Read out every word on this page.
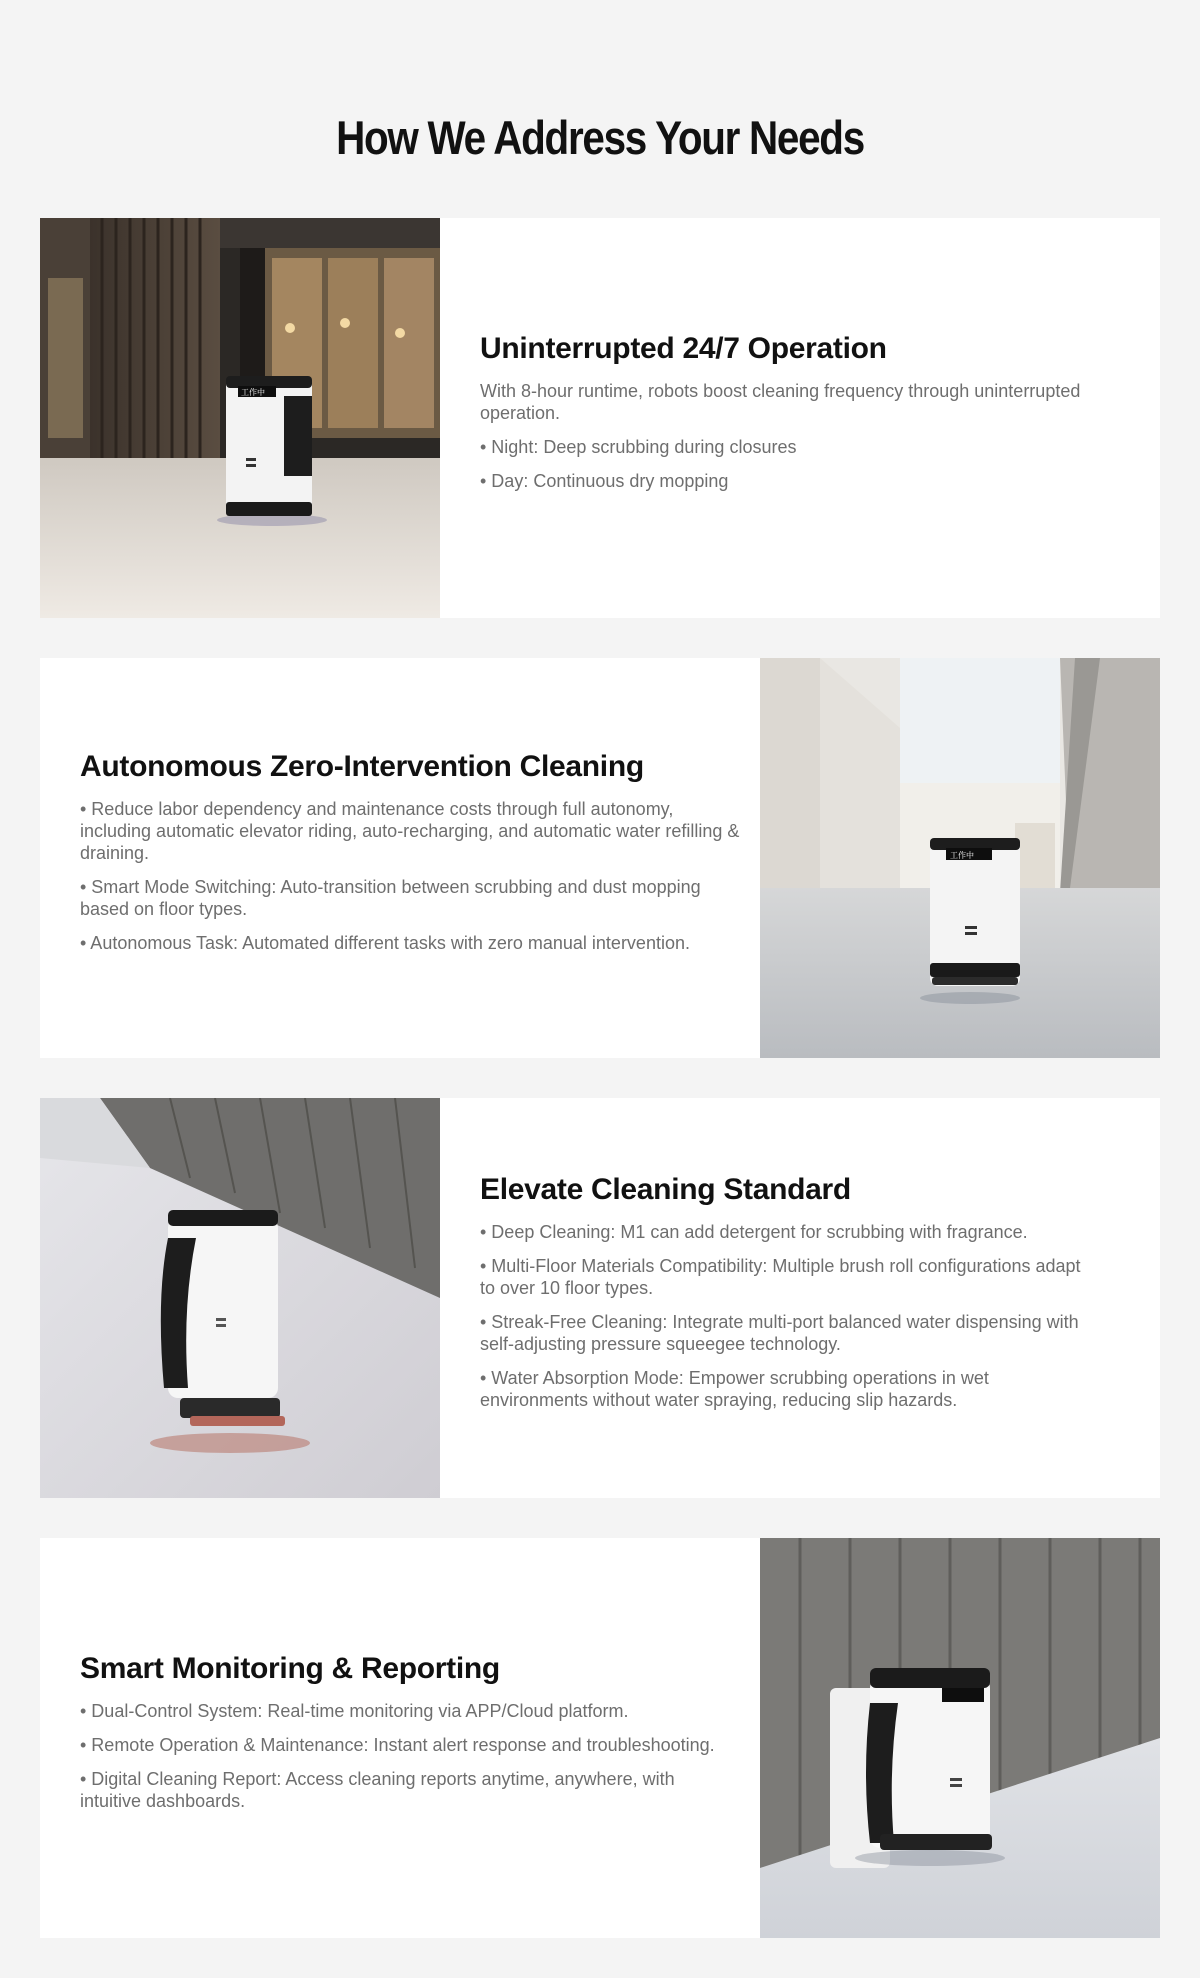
How We Address Your Needs
工作中
Uninterrupted 24/7 Operation

With 8-hour runtime, robots boost cleaning frequency through uninterrupted operation.

• Night: Deep scrubbing during closures
• Day: Continuous dry mopping
Autonomous Zero-Intervention Cleaning
• Reduce labor dependency and maintenance costs through full autonomy, including automatic elevator riding, auto-recharging, and automatic water refilling & draining.
• Smart Mode Switching: Auto-transition between scrubbing and dust mopping based on floor types.
• Autonomous Task: Automated different tasks with zero manual intervention.
工作中
Elevate Cleaning Standard
• Deep Cleaning: M1 can add detergent for scrubbing with fragrance.
• Multi-Floor Materials Compatibility: Multiple brush roll configurations adapt to over 10 floor types.
• Streak-Free Cleaning: Integrate multi-port balanced water dispensing with self-adjusting pressure squeegee technology.
• Water Absorption Mode: Empower scrubbing operations in wet environments without water spraying, reducing slip hazards.
Smart Monitoring & Reporting
• Dual-Control System: Real-time monitoring via APP/Cloud platform.
• Remote Operation & Maintenance: Instant alert response and troubleshooting.
• Digital Cleaning Report: Access cleaning reports anytime, anywhere, with intuitive dashboards.
